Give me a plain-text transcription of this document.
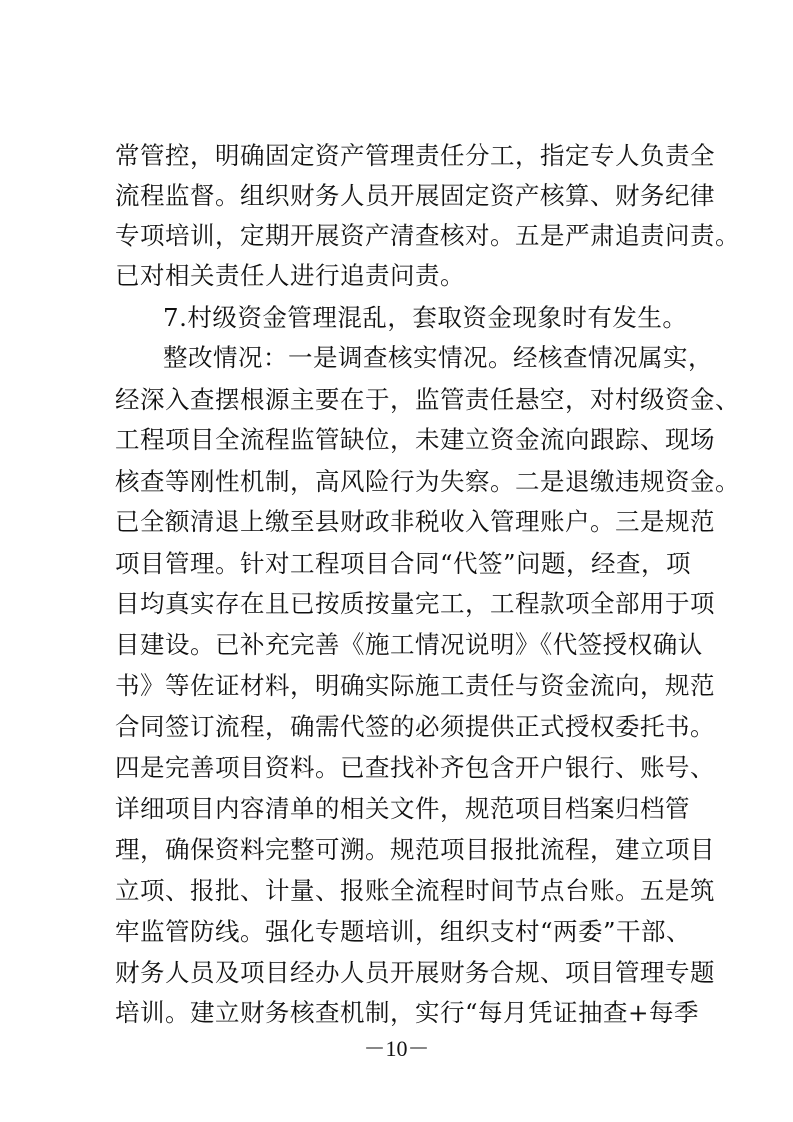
常管控，明确固定资产管理责任分工，指定专人负责全
流程监督。组织财务人员开展固定资产核算、财务纪律
专项培训，定期开展资产清查核对。五是严肃追责问责。
已对相关责任人进行追责问责。
7.村级资金管理混乱，套取资金现象时有发生。
整改情况：一是调查核实情况。经核查情况属实，
经深入查摆根源主要在于，监管责任悬空，对村级资金、
工程项目全流程监管缺位，未建立资金流向跟踪、现场
核查等刚性机制，高风险行为失察。二是退缴违规资金。
已全额清退上缴至县财政非税收入管理账户。三是规范
项目管理。针对工程项目合同“代签”问题，经查，项
目均真实存在且已按质按量完工，工程款项全部用于项
目建设。已补充完善《施工情况说明》《代签授权确认
书》等佐证材料，明确实际施工责任与资金流向，规范
合同签订流程，确需代签的必须提供正式授权委托书。
四是完善项目资料。已查找补齐包含开户银行、账号、
详细项目内容清单的相关文件，规范项目档案归档管
理，确保资料完整可溯。规范项目报批流程，建立项目
立项、报批、计量、报账全流程时间节点台账。五是筑
牢监管防线。强化专题培训，组织支村“两委”干部、
财务人员及项目经办人员开展财务合规、项目管理专题
培训。建立财务核查机制，实行“每月凭证抽查+每季
－10－
